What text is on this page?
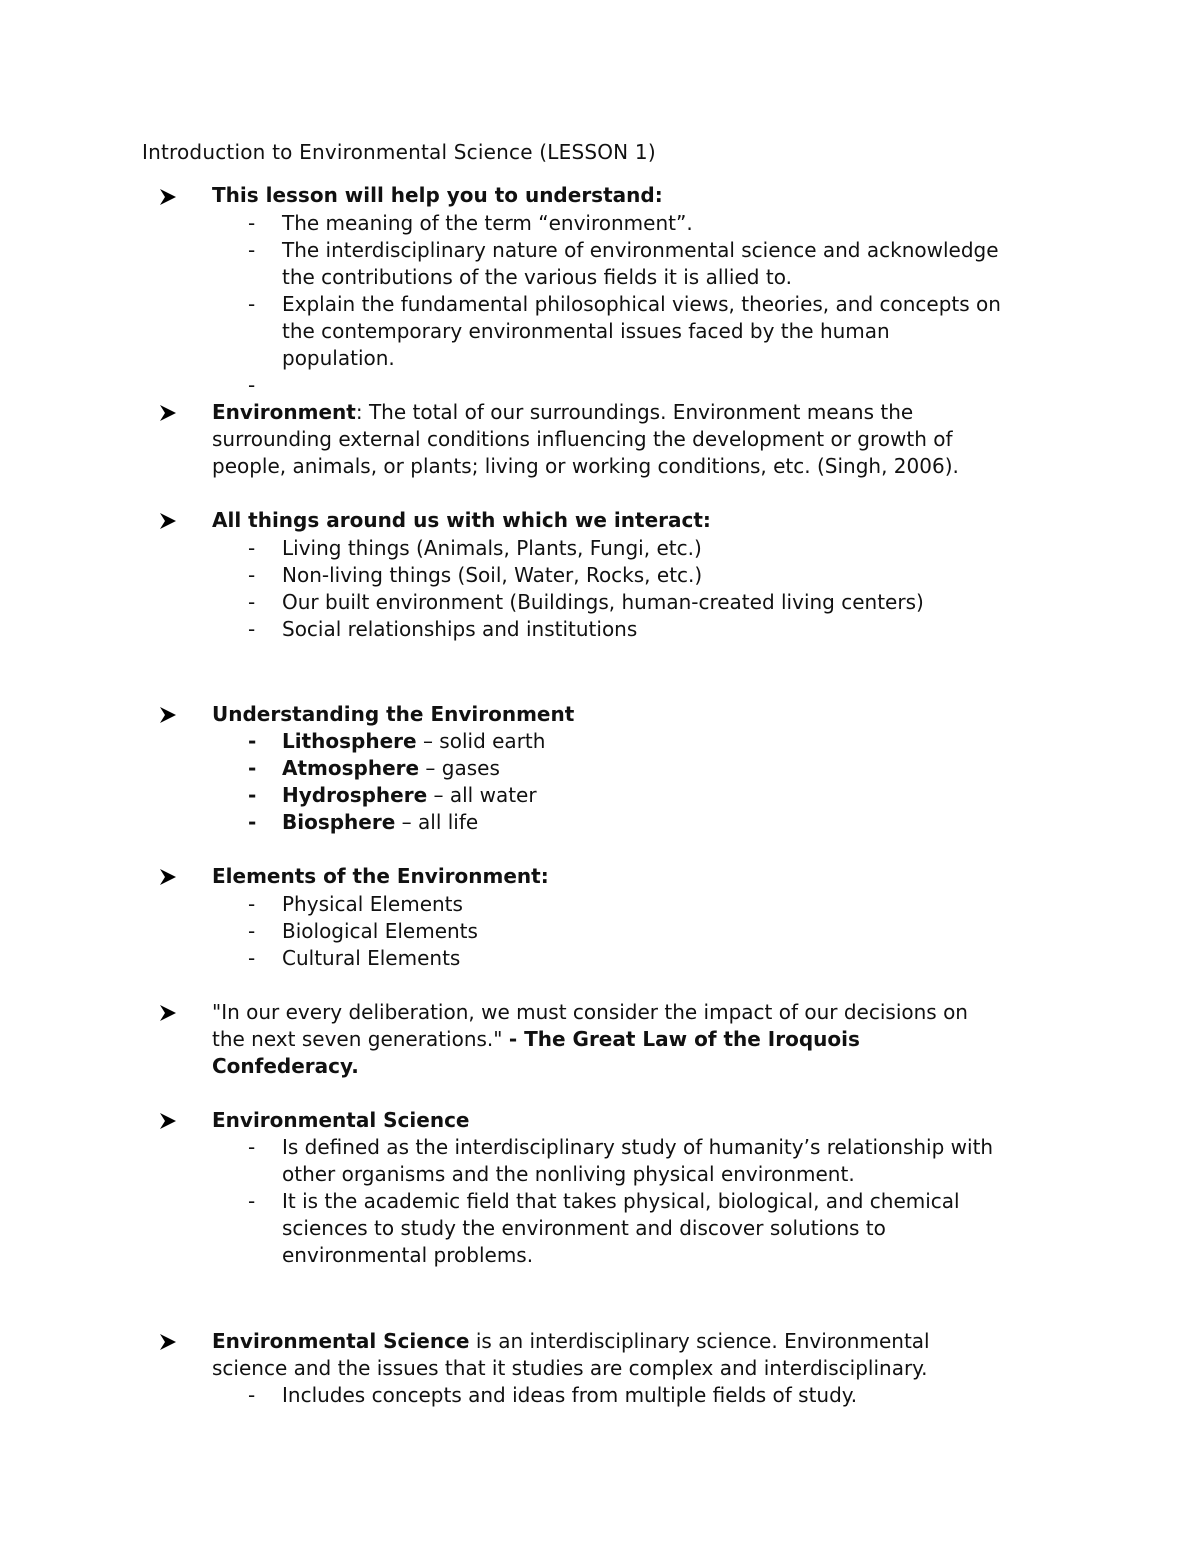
Introduction to Environmental Science (LESSON 1)
This lesson will help you to understand:
- The meaning of the term “environment”.
- The interdisciplinary nature of environmental science and acknowledge
the contributions of the various fields it is allied to.
- Explain the fundamental philosophical views, theories, and concepts on
the contemporary environmental issues faced by the human
population.
-
Environment: The total of our surroundings. Environment means the
surrounding external conditions influencing the development or growth of
people, animals, or plants; living or working conditions, etc. (Singh, 2006).
All things around us with which we interact:
- Living things (Animals, Plants, Fungi, etc.)
- Non-living things (Soil, Water, Rocks, etc.)
- Our built environment (Buildings, human-created living centers)
- Social relationships and institutions
Understanding the Environment
- Lithosphere – solid earth
- Atmosphere – gases
- Hydrosphere – all water
- Biosphere – all life
Elements of the Environment:
- Physical Elements
- Biological Elements
- Cultural Elements
"In our every deliberation, we must consider the impact of our decisions on
the next seven generations." - The Great Law of the Iroquois
Confederacy.
Environmental Science
- Is defined as the interdisciplinary study of humanity’s relationship with
other organisms and the nonliving physical environment.
- It is the academic field that takes physical, biological, and chemical
sciences to study the environment and discover solutions to
environmental problems.
Environmental Science is an interdisciplinary science. Environmental
science and the issues that it studies are complex and interdisciplinary.
- Includes concepts and ideas from multiple fields of study.
